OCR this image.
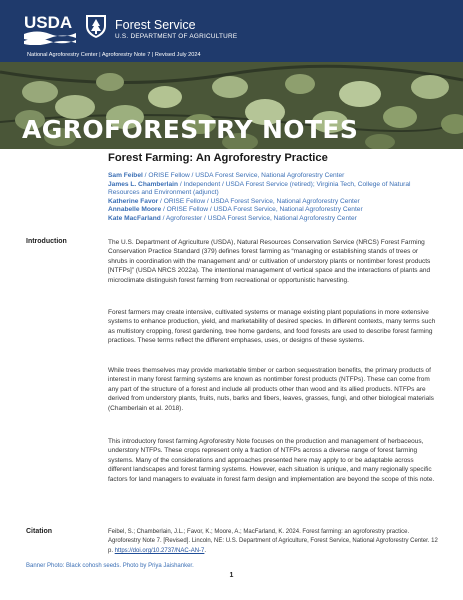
USDA	Forest Service
U.S. DEPARTMENT OF AGRICULTURE
National Agroforestry Center | Agroforestry Note 7 | Revised July 2024
AGROFORESTRY NOTES
Forest Farming: An Agroforestry Practice
Sam Feibel / ORISE Fellow / USDA Forest Service, National Agroforestry Center
James L. Chamberlain / Independent / USDA Forest Service (retired); Virginia Tech, College of Natural Resources and Environment (adjunct)
Katherine Favor / ORISE Fellow / USDA Forest Service, National Agroforestry Center
Annabelle Moore / ORISE Fellow / USDA Forest Service, National Agroforestry Center
Kate MacFarland / Agroforester / USDA Forest Service, National Agroforestry Center
Introduction	The U.S. Department of Agriculture (USDA), Natural Resources Conservation Service (NRCS) Forest Farming Conservation Practice Standard (379) defines forest farming as “managing or establishing stands of trees or shrubs in coordination with the management and/ or cultivation of understory plants or nontimber forest products [NTFPs]” (USDA NRCS 2022a). The intentional management of vertical space and the interactions of plants and microclimate distinguish forest farming from recreational or opportunistic harvesting.

Forest farmers may create intensive, cultivated systems or manage existing plant populations in more extensive systems to enhance production, yield, and marketability of desired species. In different contexts, many terms such as multistory cropping, forest gardening, tree home gardens, and food forests are used to describe forest farming practices. These terms reflect the different emphases, uses, or designs of these systems.

While trees themselves may provide marketable timber or carbon sequestration benefits, the primary products of interest in many forest farming systems are known as nontimber forest products (NTFPs). These can come from any part of the structure of a forest and include all products other than wood and its allied products. NTFPs are derived from understory plants, fruits, nuts, barks and fibers, leaves, grasses, fungi, and other biological materials (Chamberlain et al. 2018).

This introductory forest farming Agroforestry Note focuses on the production and management of herbaceous, understory NTFPs. These crops represent only a fraction of NTFPs across a diverse range of forest farming systems. Many of the considerations and approaches presented here may apply to or be adaptable across different landscapes and forest farming systems. However, each situation is unique, and many regionally specific factors for land managers to evaluate in forest farm design and implementation are beyond the scope of this note.

Citation	Feibel, S.; Chamberlain, J.L.; Favor, K.; Moore, A.; MacFarland, K. 2024. Forest farming: an agroforestry practice. Agroforestry Note 7. [Revised]. Lincoln, NE: U.S. Department of Agriculture, Forest Service, National Agroforestry Center. 12 p. https://doi.org/10.2737/NAC-AN-7.
Banner Photo: Black cohosh seeds. Photo by Priya Jaishanker.
1
